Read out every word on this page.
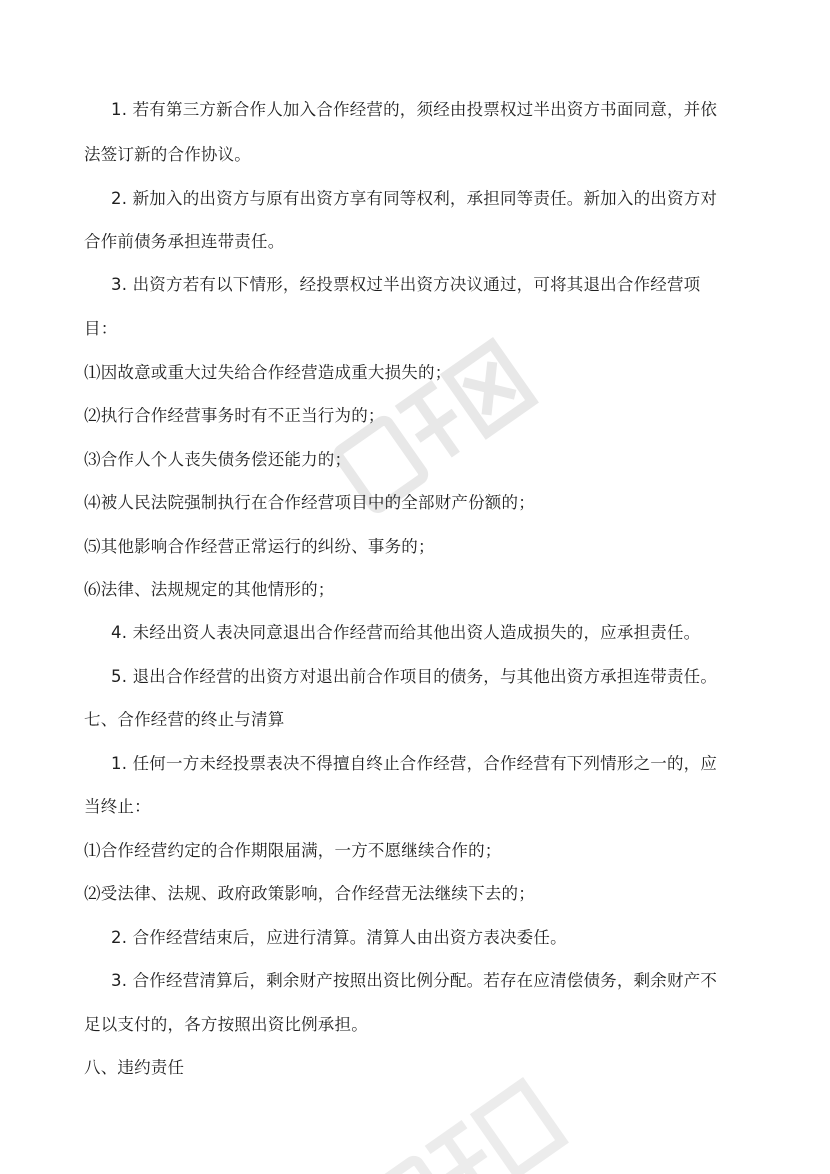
1. 若有第三方新合作人加入合作经营的，须经由投票权过半出资方书面同意，并依
法签订新的合作协议。
2. 新加入的出资方与原有出资方享有同等权利，承担同等责任。新加入的出资方对
合作前债务承担连带责任。
3. 出资方若有以下情形，经投票权过半出资方决议通过，可将其退出合作经营项
目：
⑴因故意或重大过失给合作经营造成重大损失的；
⑵执行合作经营事务时有不正当行为的；
⑶合作人个人丧失债务偿还能力的；
⑷被人民法院强制执行在合作经营项目中的全部财产份额的；
⑸其他影响合作经营正常运行的纠纷、事务的；
⑹法律、法规规定的其他情形的；
4. 未经出资人表决同意退出合作经营而给其他出资人造成损失的，应承担责任。
5. 退出合作经营的出资方对退出前合作项目的债务，与其他出资方承担连带责任。
七、合作经营的终止与清算
1. 任何一方未经投票表决不得擅自终止合作经营，合作经营有下列情形之一的，应
当终止：
⑴合作经营约定的合作期限届满，一方不愿继续合作的；
⑵受法律、法规、政府政策影响，合作经营无法继续下去的；
2. 合作经营结束后，应进行清算。清算人由出资方表决委任。
3. 合作经营清算后，剩余财产按照出资比例分配。若存在应清偿债务，剩余财产不
足以支付的，各方按照出资比例承担。
八、违约责任
